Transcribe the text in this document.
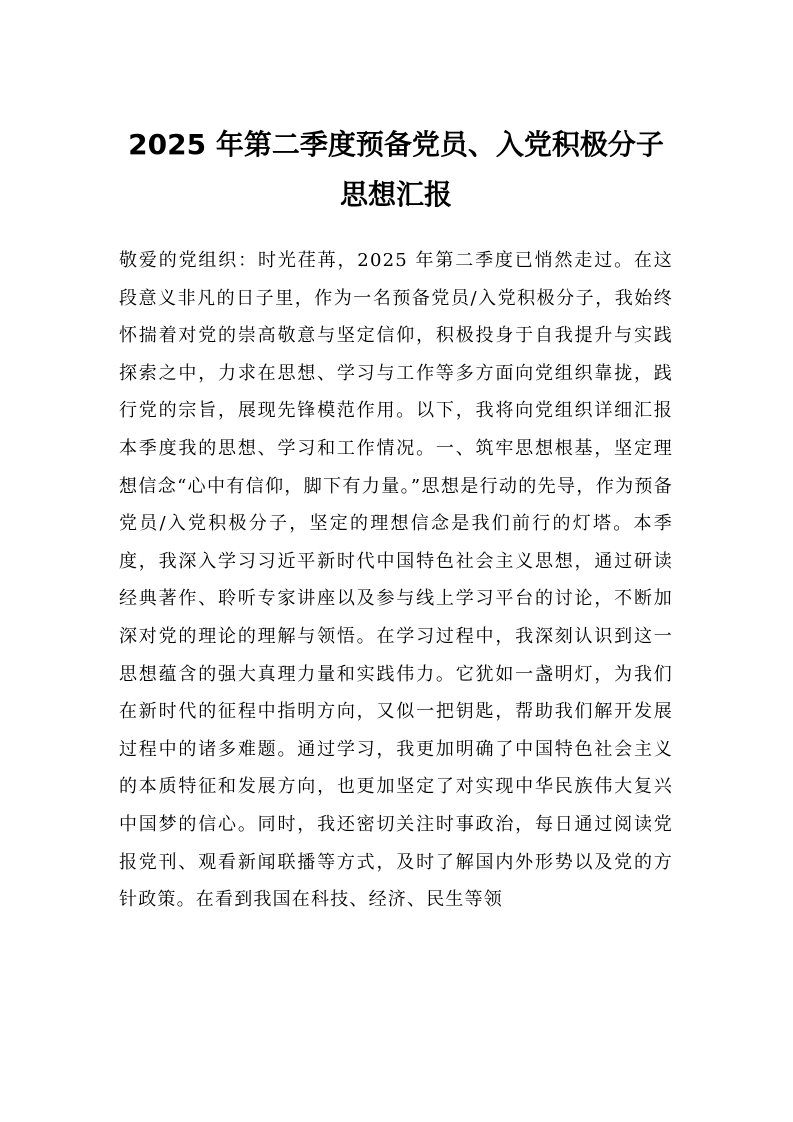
2025 年第二季度预备党员、入党积极分子思想汇报

敬爱的党组织：时光荏苒，2025 年第二季度已悄然走过。在这段意义非凡的日子里，作为一名预备党员/入党积极分子，我始终怀揣着对党的崇高敬意与坚定信仰，积极投身于自我提升与实践探索之中，力求在思想、学习与工作等多方面向党组织靠拢，践行党的宗旨，展现先锋模范作用。以下，我将向党组织详细汇报本季度我的思想、学习和工作情况。一、筑牢思想根基，坚定理想信念“心中有信仰，脚下有力量。”思想是行动的先导，作为预备党员/入党积极分子，坚定的理想信念是我们前行的灯塔。本季度，我深入学习习近平新时代中国特色社会主义思想，通过研读经典著作、聆听专家讲座以及参与线上学习平台的讨论，不断加深对党的理论的理解与领悟。在学习过程中，我深刻认识到这一思想蕴含的强大真理力量和实践伟力。它犹如一盏明灯，为我们在新时代的征程中指明方向，又似一把钥匙，帮助我们解开发展过程中的诸多难题。通过学习，我更加明确了中国特色社会主义的本质特征和发展方向，也更加坚定了对实现中华民族伟大复兴中国梦的信心。同时，我还密切关注时事政治，每日通过阅读党报党刊、观看新闻联播等方式，及时了解国内外形势以及党的方针政策。在看到我国在科技、经济、民生等领
